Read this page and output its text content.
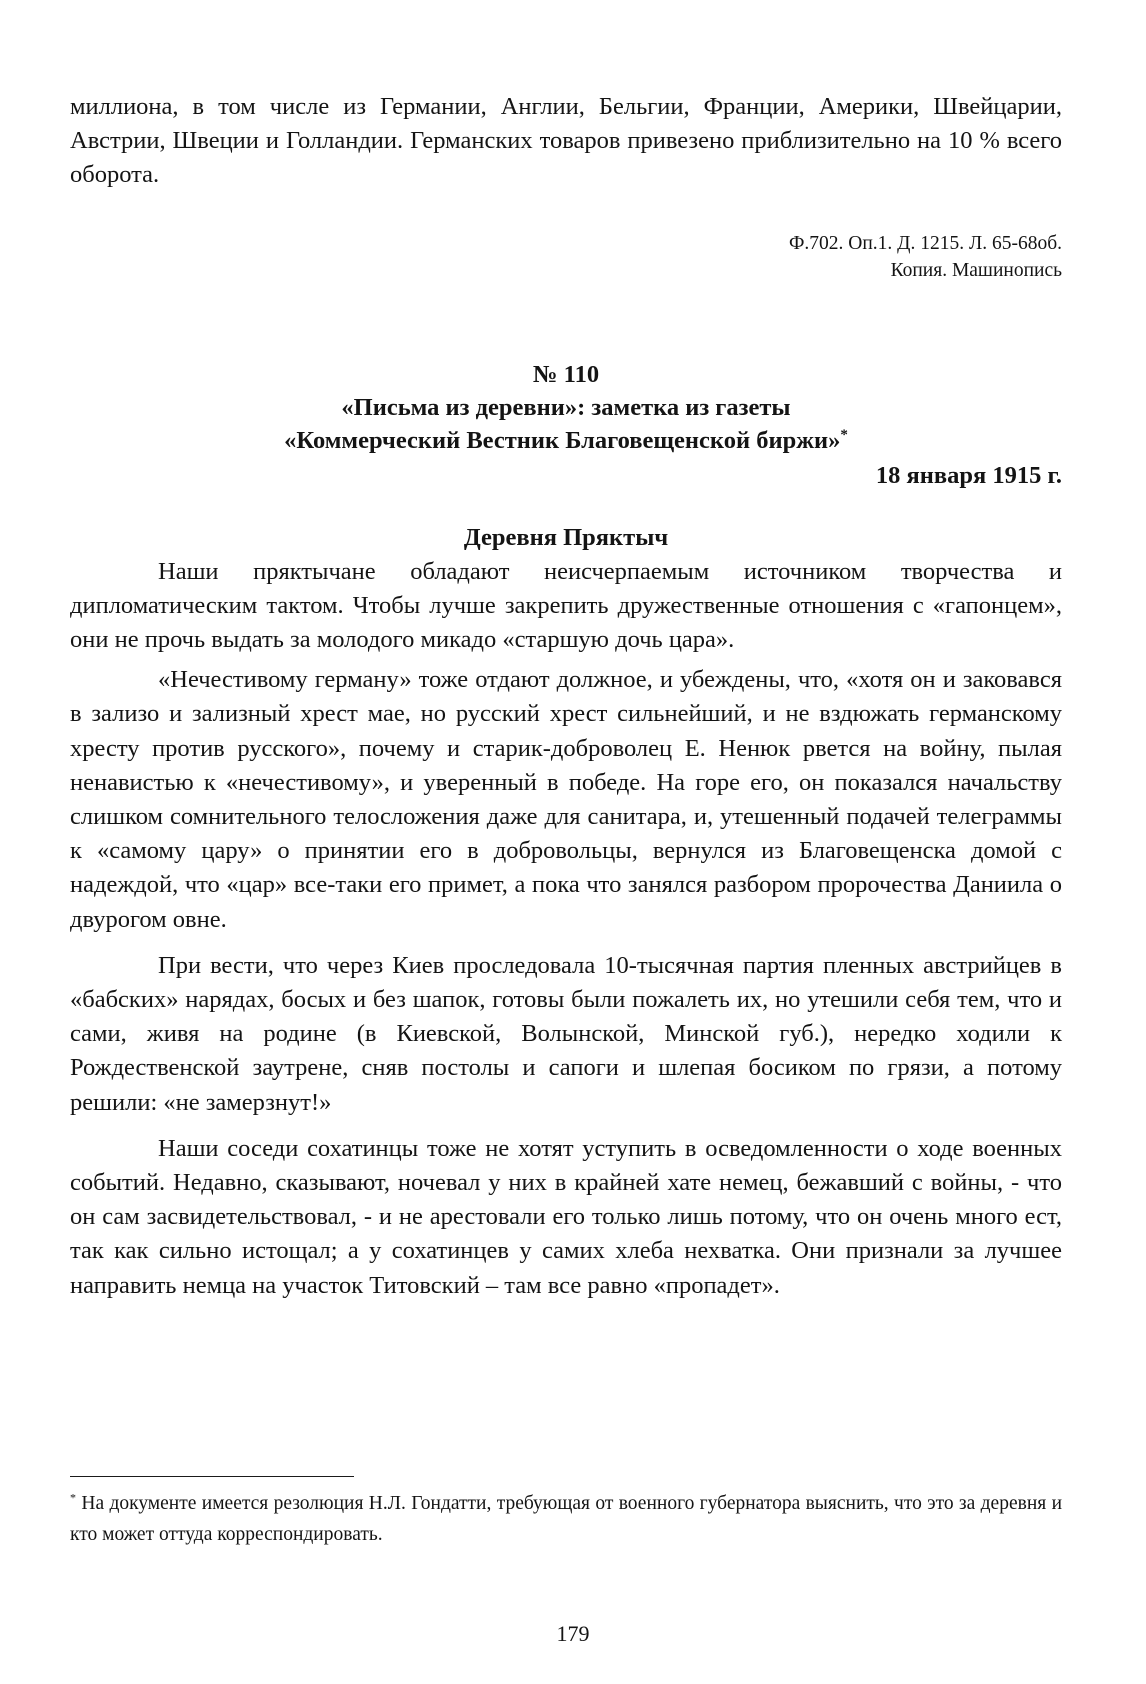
миллиона, в том числе из Германии, Англии, Бельгии, Франции, Америки, Швейцарии, Австрии, Швеции и Голландии. Германских товаров привезено приблизительно на 10 % всего оборота.

Ф.702. Оп.1. Д. 1215. Л. 65-68об.
Копия. Машинопись
№ 110
«Письма из деревни»: заметка из газеты
«Коммерческий Вестник Благовещенской биржи»*
18 января 1915 г.
Деревня Пряктыч

Наши пряктычане обладают неисчерпаемым источником творчества и дипломатическим тактом. Чтобы лучше закрепить дружественные отношения с «гапонцем», они не прочь выдать за молодого микадо «старшую дочь цара».

«Нечестивому герману» тоже отдают должное, и убеждены, что, «хотя он и заковався в зализо и зализный хрест мае, но русский хрест сильнейший, и не вздюжать германскому хресту против русского», почему и старик-доброволец Е. Ненюк рвется на войну, пылая ненавистью к «нечестивому», и уверенный в победе. На горе его, он показался начальству слишком сомнительного телосложения даже для санитара, и, утешенный подачей телеграммы к «самому цару» о принятии его в добровольцы, вернулся из Благовещенска домой с надеждой, что «цар» все-таки его примет, а пока что занялся разбором пророчества Даниила о двурогом овне.

При вести, что через Киев проследовала 10-тысячная партия пленных австрийцев в «бабских» нарядах, босых и без шапок, готовы были пожалеть их, но утешили себя тем, что и сами, живя на родине (в Киевской, Волынской, Минской губ.), нередко ходили к Рождественской заутрене, сняв постолы и сапоги и шлепая босиком по грязи, а потому решили: «не замерзнут!»

Наши соседи сохатинцы тоже не хотят уступить в осведомленности о ходе военных событий. Недавно, сказывают, ночевал у них в крайней хате немец, бежавший с войны, - что он сам засвидетельствовал, - и не арестовали его только лишь потому, что он очень много ест, так как сильно истощал; а у сохатинцев у самих хлеба нехватка. Они признали за лучшее направить немца на участок Титовский – там все равно «пропадет».

* На документе имеется резолюция Н.Л. Гондатти, требующая от военного губернатора выяснить, что это за деревня и кто может оттуда корреспондировать.
179
